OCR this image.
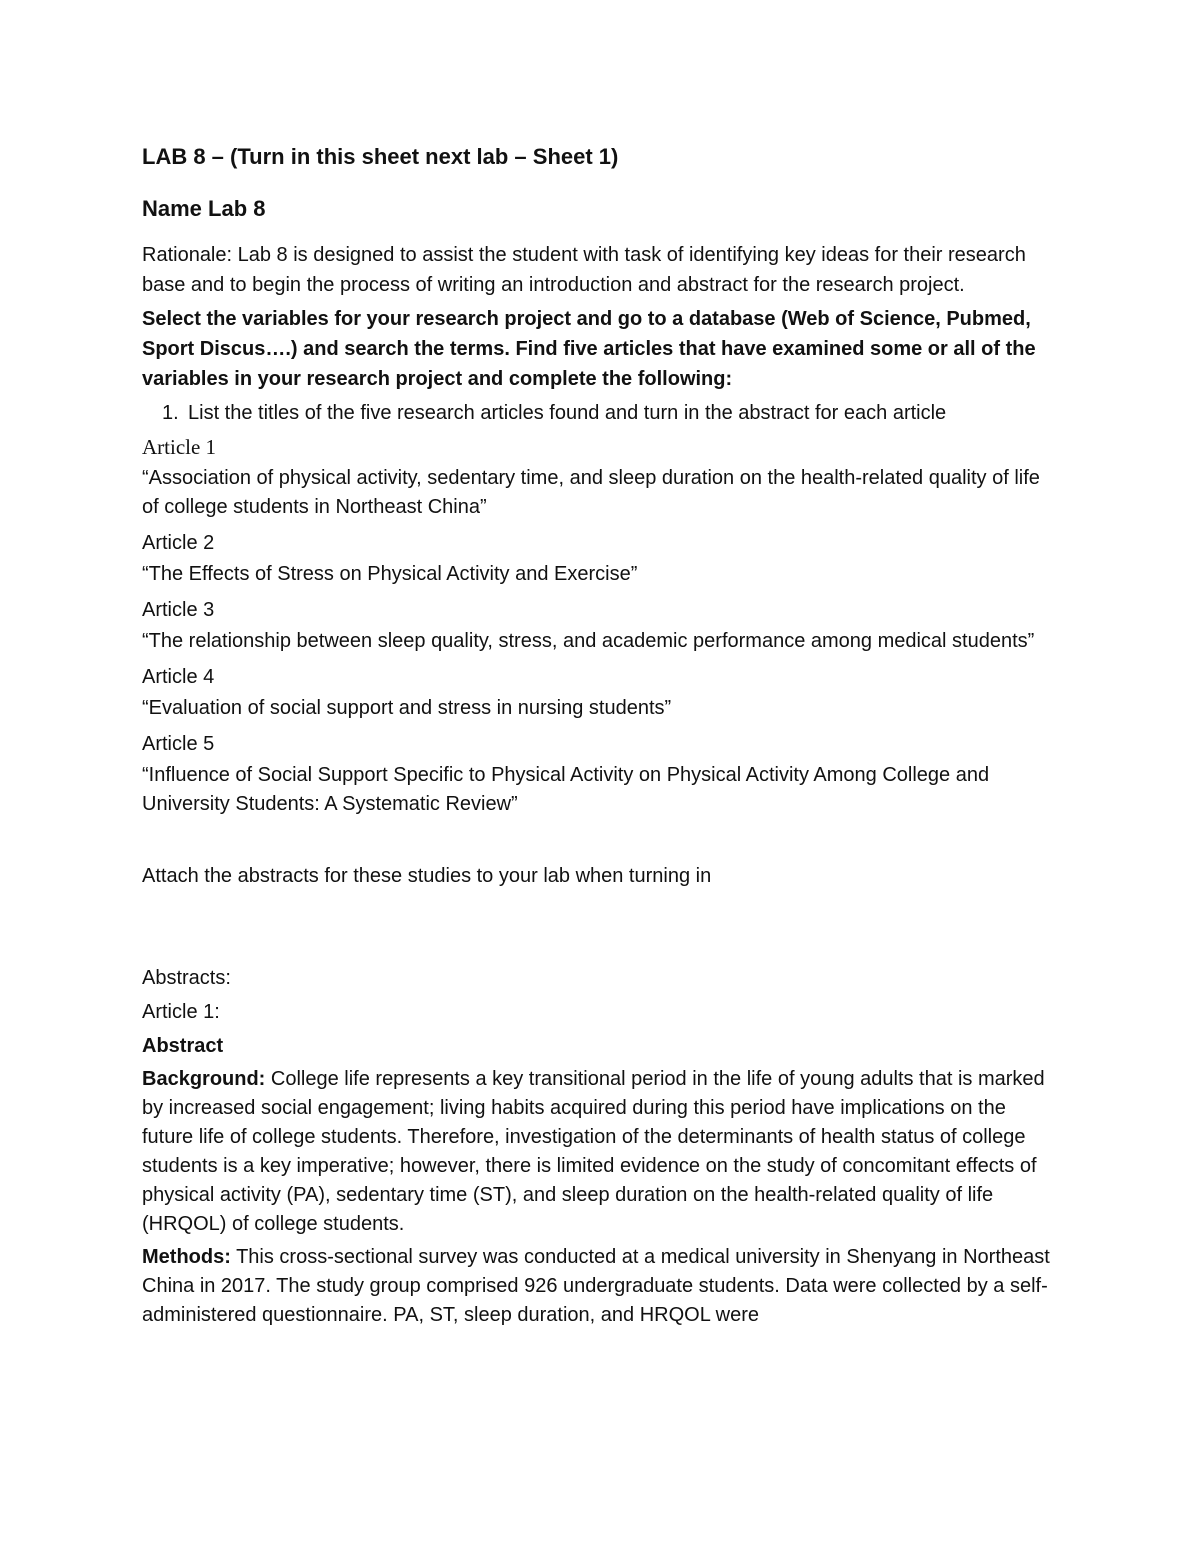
LAB 8 – (Turn in this sheet next lab – Sheet 1)

Name Lab 8

Rationale: Lab 8 is designed to assist the student with task of identifying key ideas for their research base and to begin the process of writing an introduction and abstract for the research project.

Select the variables for your research project and go to a database (Web of Science, Pubmed, Sport Discus….) and search the terms. Find five articles that have examined some or all of the variables in your research project and complete the following:

1. List the titles of the five research articles found and turn in the abstract for each article

Article 1

“Association of physical activity, sedentary time, and sleep duration on the health-related quality of life of college students in Northeast China”

Article 2

“The Effects of Stress on Physical Activity and Exercise”

Article 3

“The relationship between sleep quality, stress, and academic performance among medical students”

Article 4

“Evaluation of social support and stress in nursing students”

Article 5

“Influence of Social Support Specific to Physical Activity on Physical Activity Among College and University Students: A Systematic Review”

Attach the abstracts for these studies to your lab when turning in

Abstracts:

Article 1:

Abstract

Background: College life represents a key transitional period in the life of young adults that is marked by increased social engagement; living habits acquired during this period have implications on the future life of college students. Therefore, investigation of the determinants of health status of college students is a key imperative; however, there is limited evidence on the study of concomitant effects of physical activity (PA), sedentary time (ST), and sleep duration on the health-related quality of life (HRQOL) of college students.

Methods: This cross-sectional survey was conducted at a medical university in Shenyang in Northeast China in 2017. The study group comprised 926 undergraduate students. Data were collected by a self-administered questionnaire. PA, ST, sleep duration, and HRQOL were
